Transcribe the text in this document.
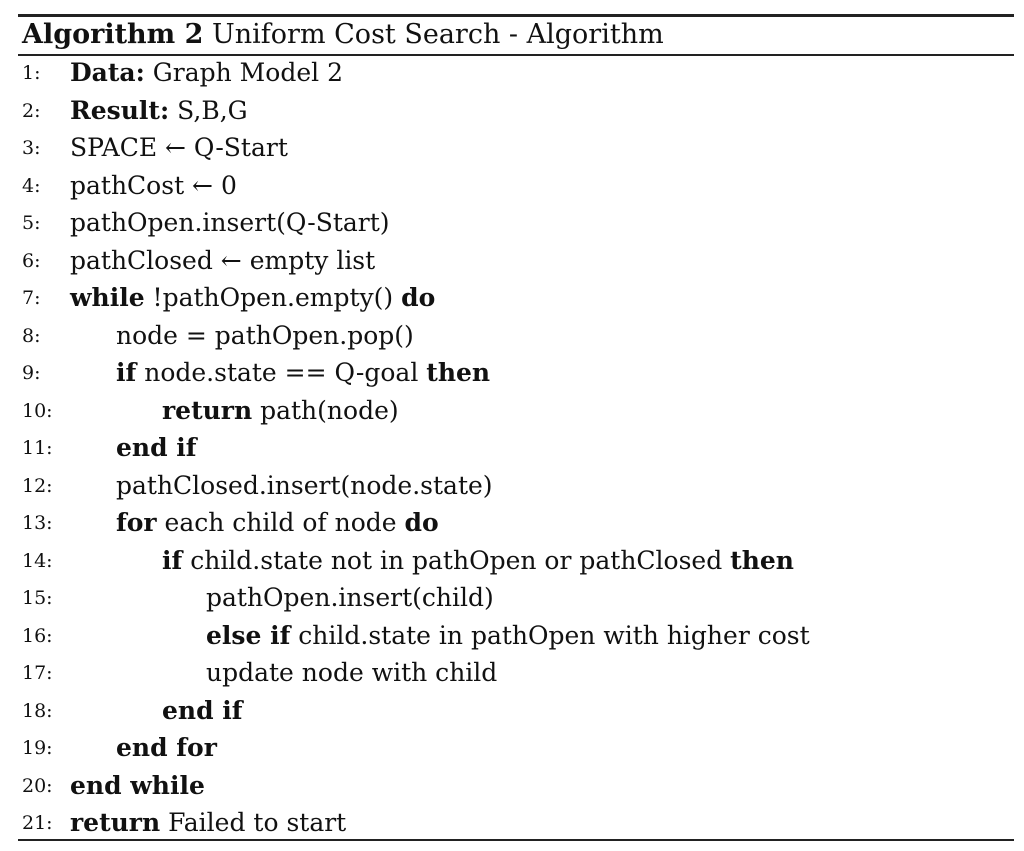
Algorithm 2 Uniform Cost Search - Algorithm
1:	Data: Graph Model 2
2:	Result: S,B,G
3:	SPACE ← Q-Start
4:	pathCost ← 0
5:	pathOpen.insert(Q-Start)
6:	pathClosed ← empty list
7:	while !pathOpen.empty() do
8:	node = pathOpen.pop()
9:	if node.state == Q-goal then
10:	return path(node)
11:	end if
12:	pathClosed.insert(node.state)
13:	for each child of node do
14:	if child.state not in pathOpen or pathClosed then
15:	pathOpen.insert(child)
16:	else if child.state in pathOpen with higher cost
17:	update node with child
18:	end if
19:	end for
20: end while
21: return Failed to start
